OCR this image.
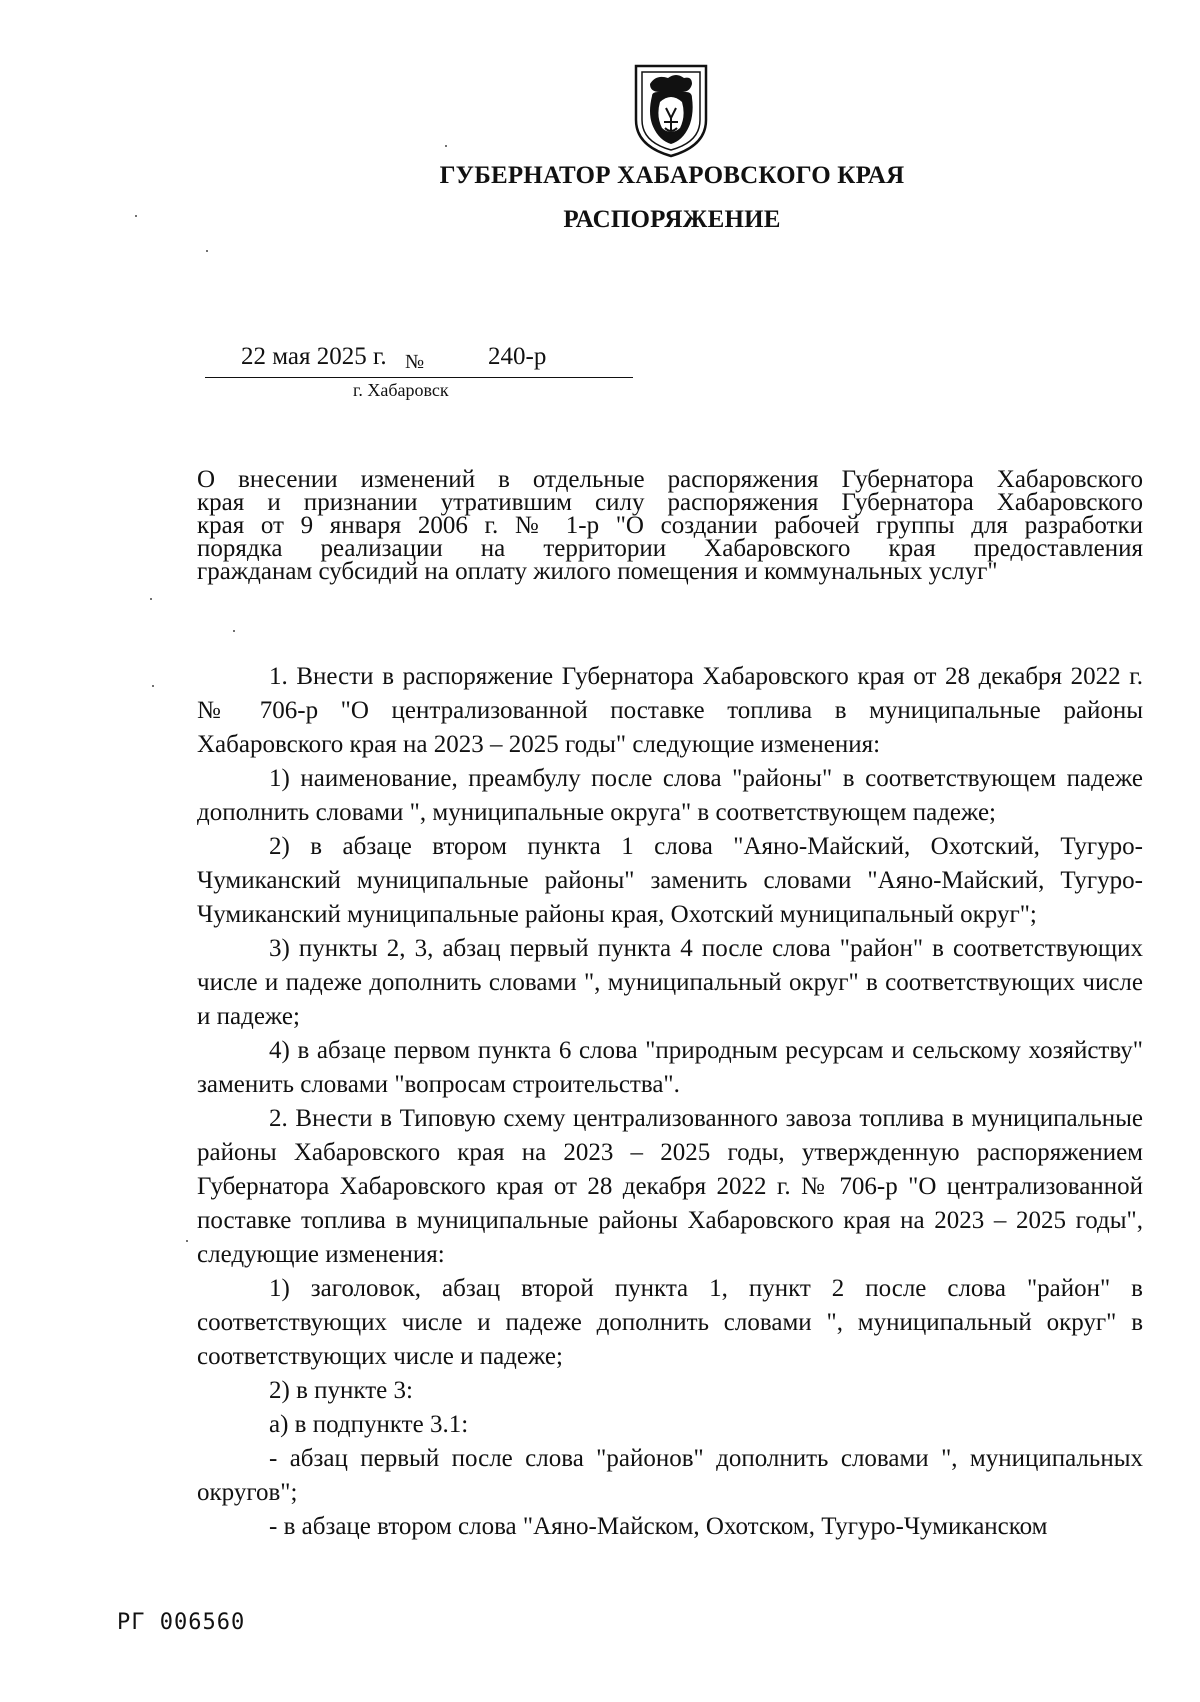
ГУБЕРНАТОР ХАБАРОВСКОГО КРАЯ
РАСПОРЯЖЕНИЕ
22 мая 2025 г. №	240-р
г. Хабаровск
О внесении изменений в отдельные распоряжения Губернатора Хабаровского
края и признании утратившим силу распоряжения Губернатора Хабаровского
края от 9 января 2006 г. № 1-р "О создании рабочей группы для разработки
порядка реализации на территории Хабаровского края предоставления
гражданам субсидий на оплату жилого помещения и коммунальных услуг"

1. Внести в распоряжение Губернатора Хабаровского края от 28 декабря 2022 г. № 706-р "О централизованной поставке топлива в муниципальные районы Хабаровского края на 2023 – 2025 годы" следующие изменения:

1) наименование, преамбулу после слова "районы" в соответствующем падеже дополнить словами ", муниципальные округа" в соответствующем падеже;

2) в абзаце втором пункта 1 слова "Аяно-Майский, Охотский, Тугуро-Чумиканский муниципальные районы" заменить словами "Аяно-Майский, Тугуро-Чумиканский муниципальные районы края, Охотский муниципальный округ";

3) пункты 2, 3, абзац первый пункта 4 после слова "район" в соответствующих числе и падеже дополнить словами ", муниципальный округ" в соответствующих числе и падеже;

4) в абзаце первом пункта 6 слова "природным ресурсам и сельскому хозяйству" заменить словами "вопросам строительства".

2. Внести в Типовую схему централизованного завоза топлива в муниципальные районы Хабаровского края на 2023 – 2025 годы, утвержденную распоряжением Губернатора Хабаровского края от 28 декабря 2022 г. № 706-р "О централизованной поставке топлива в муниципальные районы Хабаровского края на 2023 – 2025 годы", следующие изменения:

1) заголовок, абзац второй пункта 1, пункт 2 после слова "район" в соответствующих числе и падеже дополнить словами ", муниципальный округ" в соответствующих числе и падеже;

2) в пункте 3:

а) в подпункте 3.1:

- абзац первый после слова "районов" дополнить словами ", муниципальных округов";

- в абзаце втором слова "Аяно-Майском, Охотском, Тугуро-Чумиканском

РГ 006560
